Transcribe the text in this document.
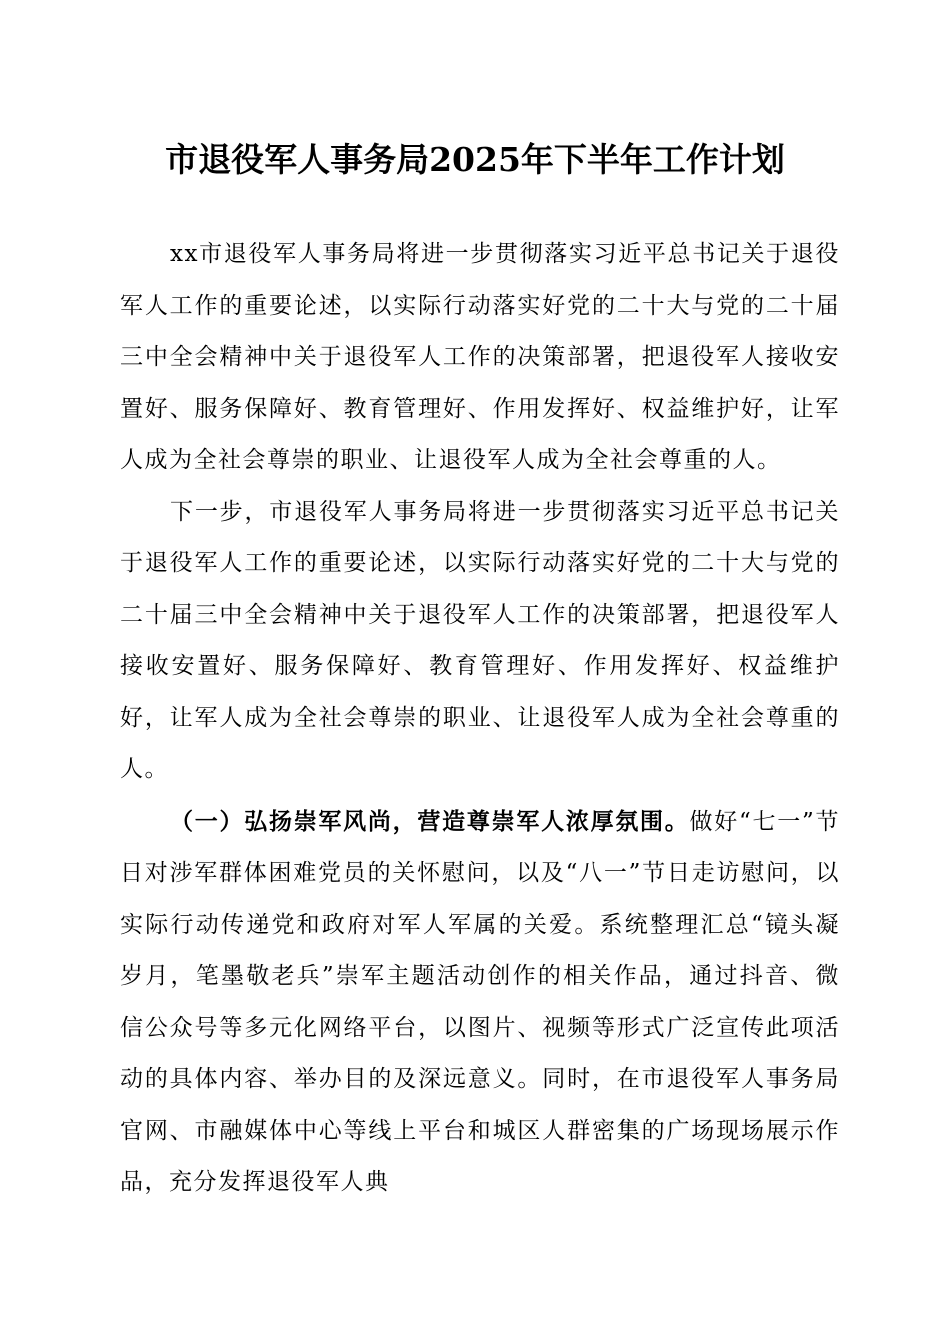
市退役军人事务局2025年下半年工作计划

xx市退役军人事务局将进一步贯彻落实习近平总书记关于退役军人工作的重要论述，以实际行动落实好党的二十大与党的二十届三中全会精神中关于退役军人工作的决策部署，把退役军人接收安置好、服务保障好、教育管理好、作用发挥好、权益维护好，让军人成为全社会尊崇的职业、让退役军人成为全社会尊重的人。

下一步，市退役军人事务局将进一步贯彻落实习近平总书记关于退役军人工作的重要论述，以实际行动落实好党的二十大与党的二十届三中全会精神中关于退役军人工作的决策部署，把退役军人接收安置好、服务保障好、教育管理好、作用发挥好、权益维护好，让军人成为全社会尊崇的职业、让退役军人成为全社会尊重的人。

（一）弘扬崇军风尚，营造尊崇军人浓厚氛围。做好“七一”节日对涉军群体困难党员的关怀慰问，以及“八一”节日走访慰问，以实际行动传递党和政府对军人军属的关爱。系统整理汇总“镜头凝岁月，笔墨敬老兵”崇军主题活动创作的相关作品，通过抖音、微信公众号等多元化网络平台，以图片、视频等形式广泛宣传此项活动的具体内容、举办目的及深远意义。同时，在市退役军人事务局官网、市融媒体中心等线上平台和城区人群密集的广场现场展示作品，充分发挥退役军人典
